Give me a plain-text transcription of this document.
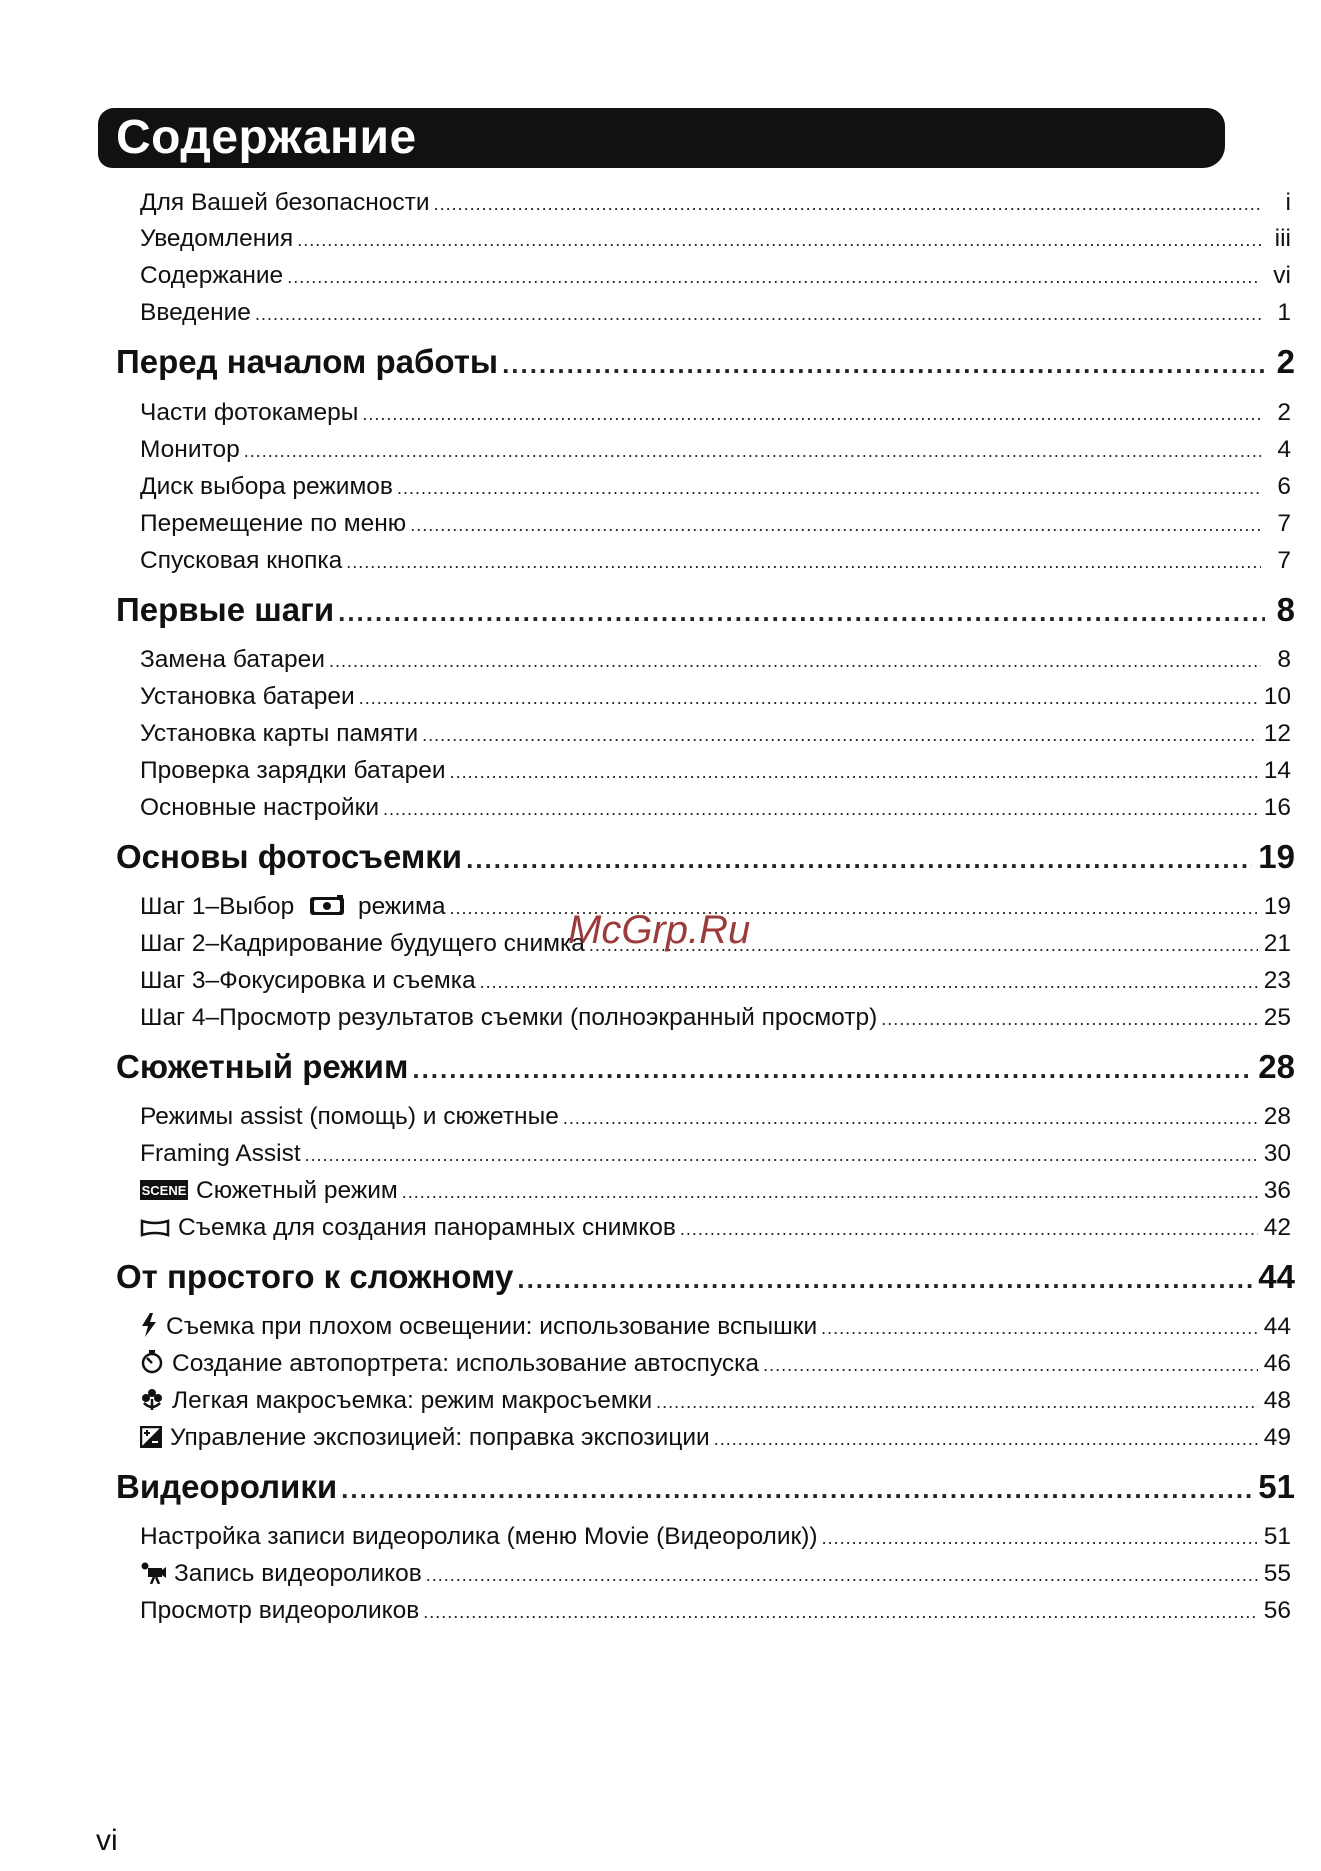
Содержание
Для Вашей безопасности .....	i
Уведомления .....	iii
Содержание .....	vi
Введение .....	1
Перед началом работы .....	2
Части фотокамеры .....	2
Монитор .....	4
Диск выбора режимов .....	6
Перемещение по меню .....	7
Спусковая кнопка .....	7
Первые шаги .....	8
Замена батареи .....	8
Установка батареи .....	10
Установка карты памяти .....	12
Проверка зарядки батареи .....	14
Основные настройки .....	16
Основы фотосъемки .....	19
Шаг 1–Выбор	режима .....	19
Шаг 2–Кадрирование будущего снимка .....	21
Шаг 3–Фокусировка и съемка .....	23
Шаг 4–Просмотр результатов съемки (полноэкранный просмотр) .....	25
Сюжетный режим .....	28
Режимы assist (помощь) и сюжетные .....	28
Framing Assist .....	30
SCENE Сюжетный режим .....	36
Съемка для создания панорамных снимков .....	42
От простого к сложному .....	44
Съемка при плохом освещении: использование вспышки .....	44
Создание автопортрета: использование автоспуска .....	46
Легкая макросъемка: режим макросъемки .....	48
Управление экспозицией: поправка экспозиции .....	49
Видеоролики .....	51
Настройка записи видеоролика (меню Movie (Видеоролик)) .....	51
Запись видеороликов .....	55
Просмотр видеороликов .....	56
McGrp.Ru
vi
